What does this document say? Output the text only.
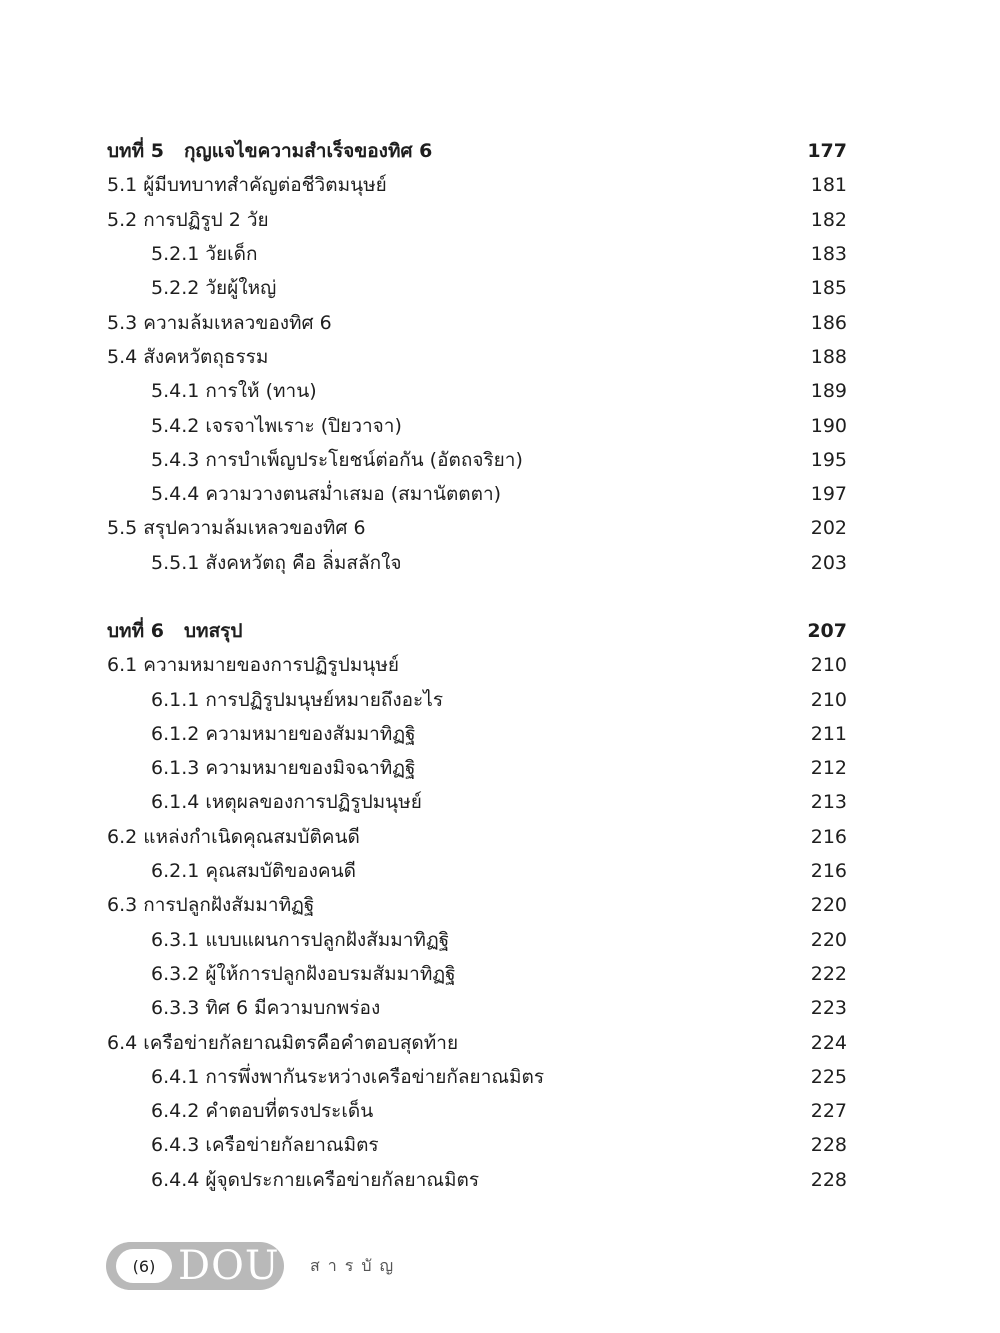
บทที่ 5 กุญแจไขความสำเร็จของทิศ 6	177
5.1 ผู้มีบทบาทสำคัญต่อชีวิตมนุษย์	181
5.2 การปฏิรูป 2 วัย	182
5.2.1 วัยเด็ก	183
5.2.2 วัยผู้ใหญ่	185
5.3 ความล้มเหลวของทิศ 6	186
5.4 สังคหวัตถุธรรม	188
5.4.1 การให้ (ทาน)	189
5.4.2 เจรจาไพเราะ (ปิยวาจา)	190
5.4.3 การบำเพ็ญประโยชน์ต่อกัน (อัตถจริยา)	195
5.4.4 ความวางตนสม่ำเสมอ (สมานัตตตา)	197
5.5 สรุปความล้มเหลวของทิศ 6	202
5.5.1 สังคหวัตถุ คือ ลิ่มสลักใจ	203
บทที่ 6 บทสรุป	207
6.1 ความหมายของการปฏิรูปมนุษย์	210
6.1.1 การปฏิรูปมนุษย์หมายถึงอะไร	210
6.1.2 ความหมายของสัมมาทิฏฐิ	211
6.1.3 ความหมายของมิจฉาทิฏฐิ	212
6.1.4 เหตุผลของการปฏิรูปมนุษย์	213
6.2 แหล่งกำเนิดคุณสมบัติคนดี	216
6.2.1 คุณสมบัติของคนดี	216
6.3 การปลูกฝังสัมมาทิฏฐิ	220
6.3.1 แบบแผนการปลูกฝังสัมมาทิฏฐิ	220
6.3.2 ผู้ให้การปลูกฝังอบรมสัมมาทิฏฐิ	222
6.3.3 ทิศ 6 มีความบกพร่อง	223
6.4 เครือข่ายกัลยาณมิตรคือคำตอบสุดท้าย	224
6.4.1 การพึ่งพากันระหว่างเครือข่ายกัลยาณมิตร	225
6.4.2 คำตอบที่ตรงประเด็น	227
6.4.3 เครือข่ายกัลยาณมิตร	228
6.4.4 ผู้จุดประกายเครือข่ายกัลยาณมิตร	228
(6) DOU สารบัญ
